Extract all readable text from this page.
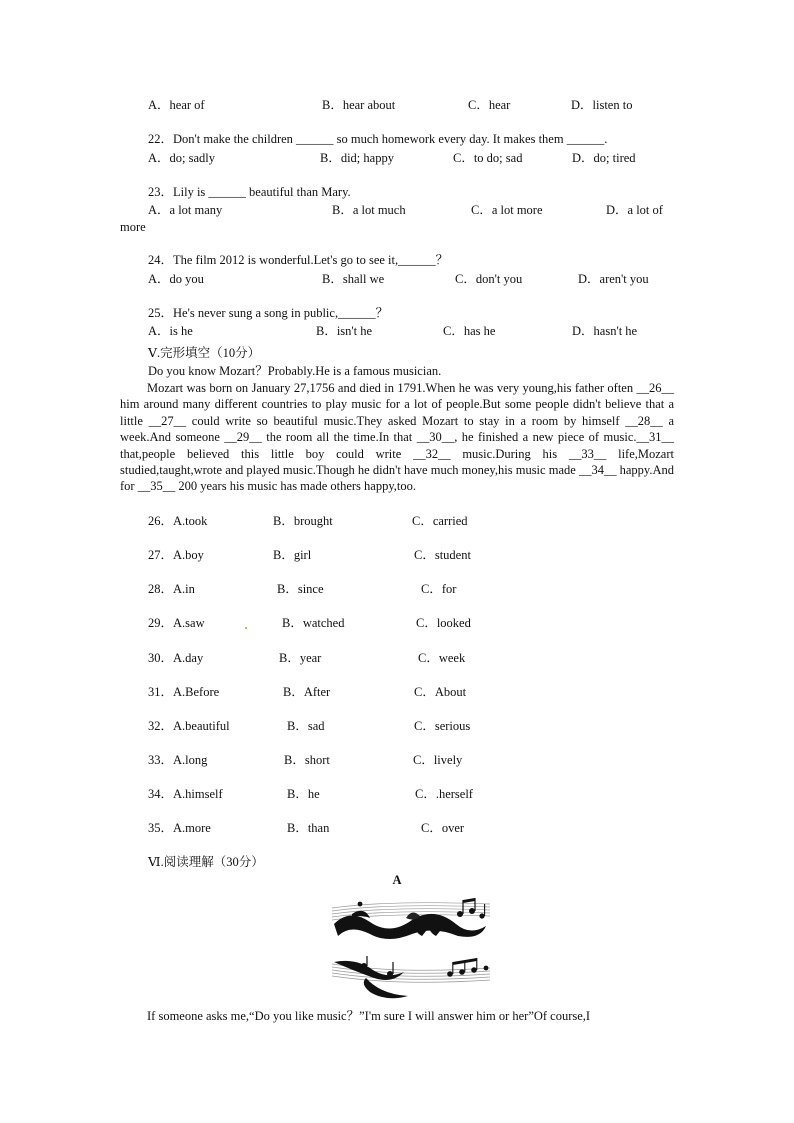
A．hear of	B．hear about	C．hear	D．listen to
22．Don't make the children ______ so much homework every day. It makes them ______.
A．do; sadly	B．did; happy	C．to do; sad	D．do; tired
23．Lily is ______ beautiful than Mary.
A．a lot many	B．a lot much	C．a lot more	D．a lot of
more
24．The film 2012 is wonderful.Let's go to see it,______？
A．do you	B．shall we	C．don't you	D．aren't you
25．He's never sung a song in public,______？
A．is he	B．isn't he	C．has he	D．hasn't he
Ⅴ.完形填空（10分）
Do you know Mozart？Probably.He is a famous musician.
Mozart was born on January 27,1756 and died in 1791.When he was very young,his father often __26__ him around many different countries to play music for a lot of people.But some people didn't believe that a little __27__ could write so beautiful music.They asked Mozart to stay in a room by himself __28__ a week.And someone __29__ the room all the time.In that __30__, he finished a new piece of music.__31__ that,people believed this little boy could write __32__ music.During his __33__ life,Mozart studied,taught,wrote and played music.Though he didn't have much money,his music made __34__ happy.And for __35__ 200 years his music has made others happy,too.
26．A.took	B．brought	C．carried
27．A.boy	B．girl	C．student
28．A.in	B．since	C．for
29．A.saw	B．watched	C．looked
30．A.day	B．year	C．week
31．A.Before	B．After	C．About
32．A.beautiful	B．sad	C．serious
33．A.long	B．short	C．lively
34．A.himself	B．he	C．.herself
35．A.more	B．than	C．over
Ⅵ.阅读理解（30分）
A
If someone asks me,“Do you like music？”I'm sure I will answer him or her”Of course,I
